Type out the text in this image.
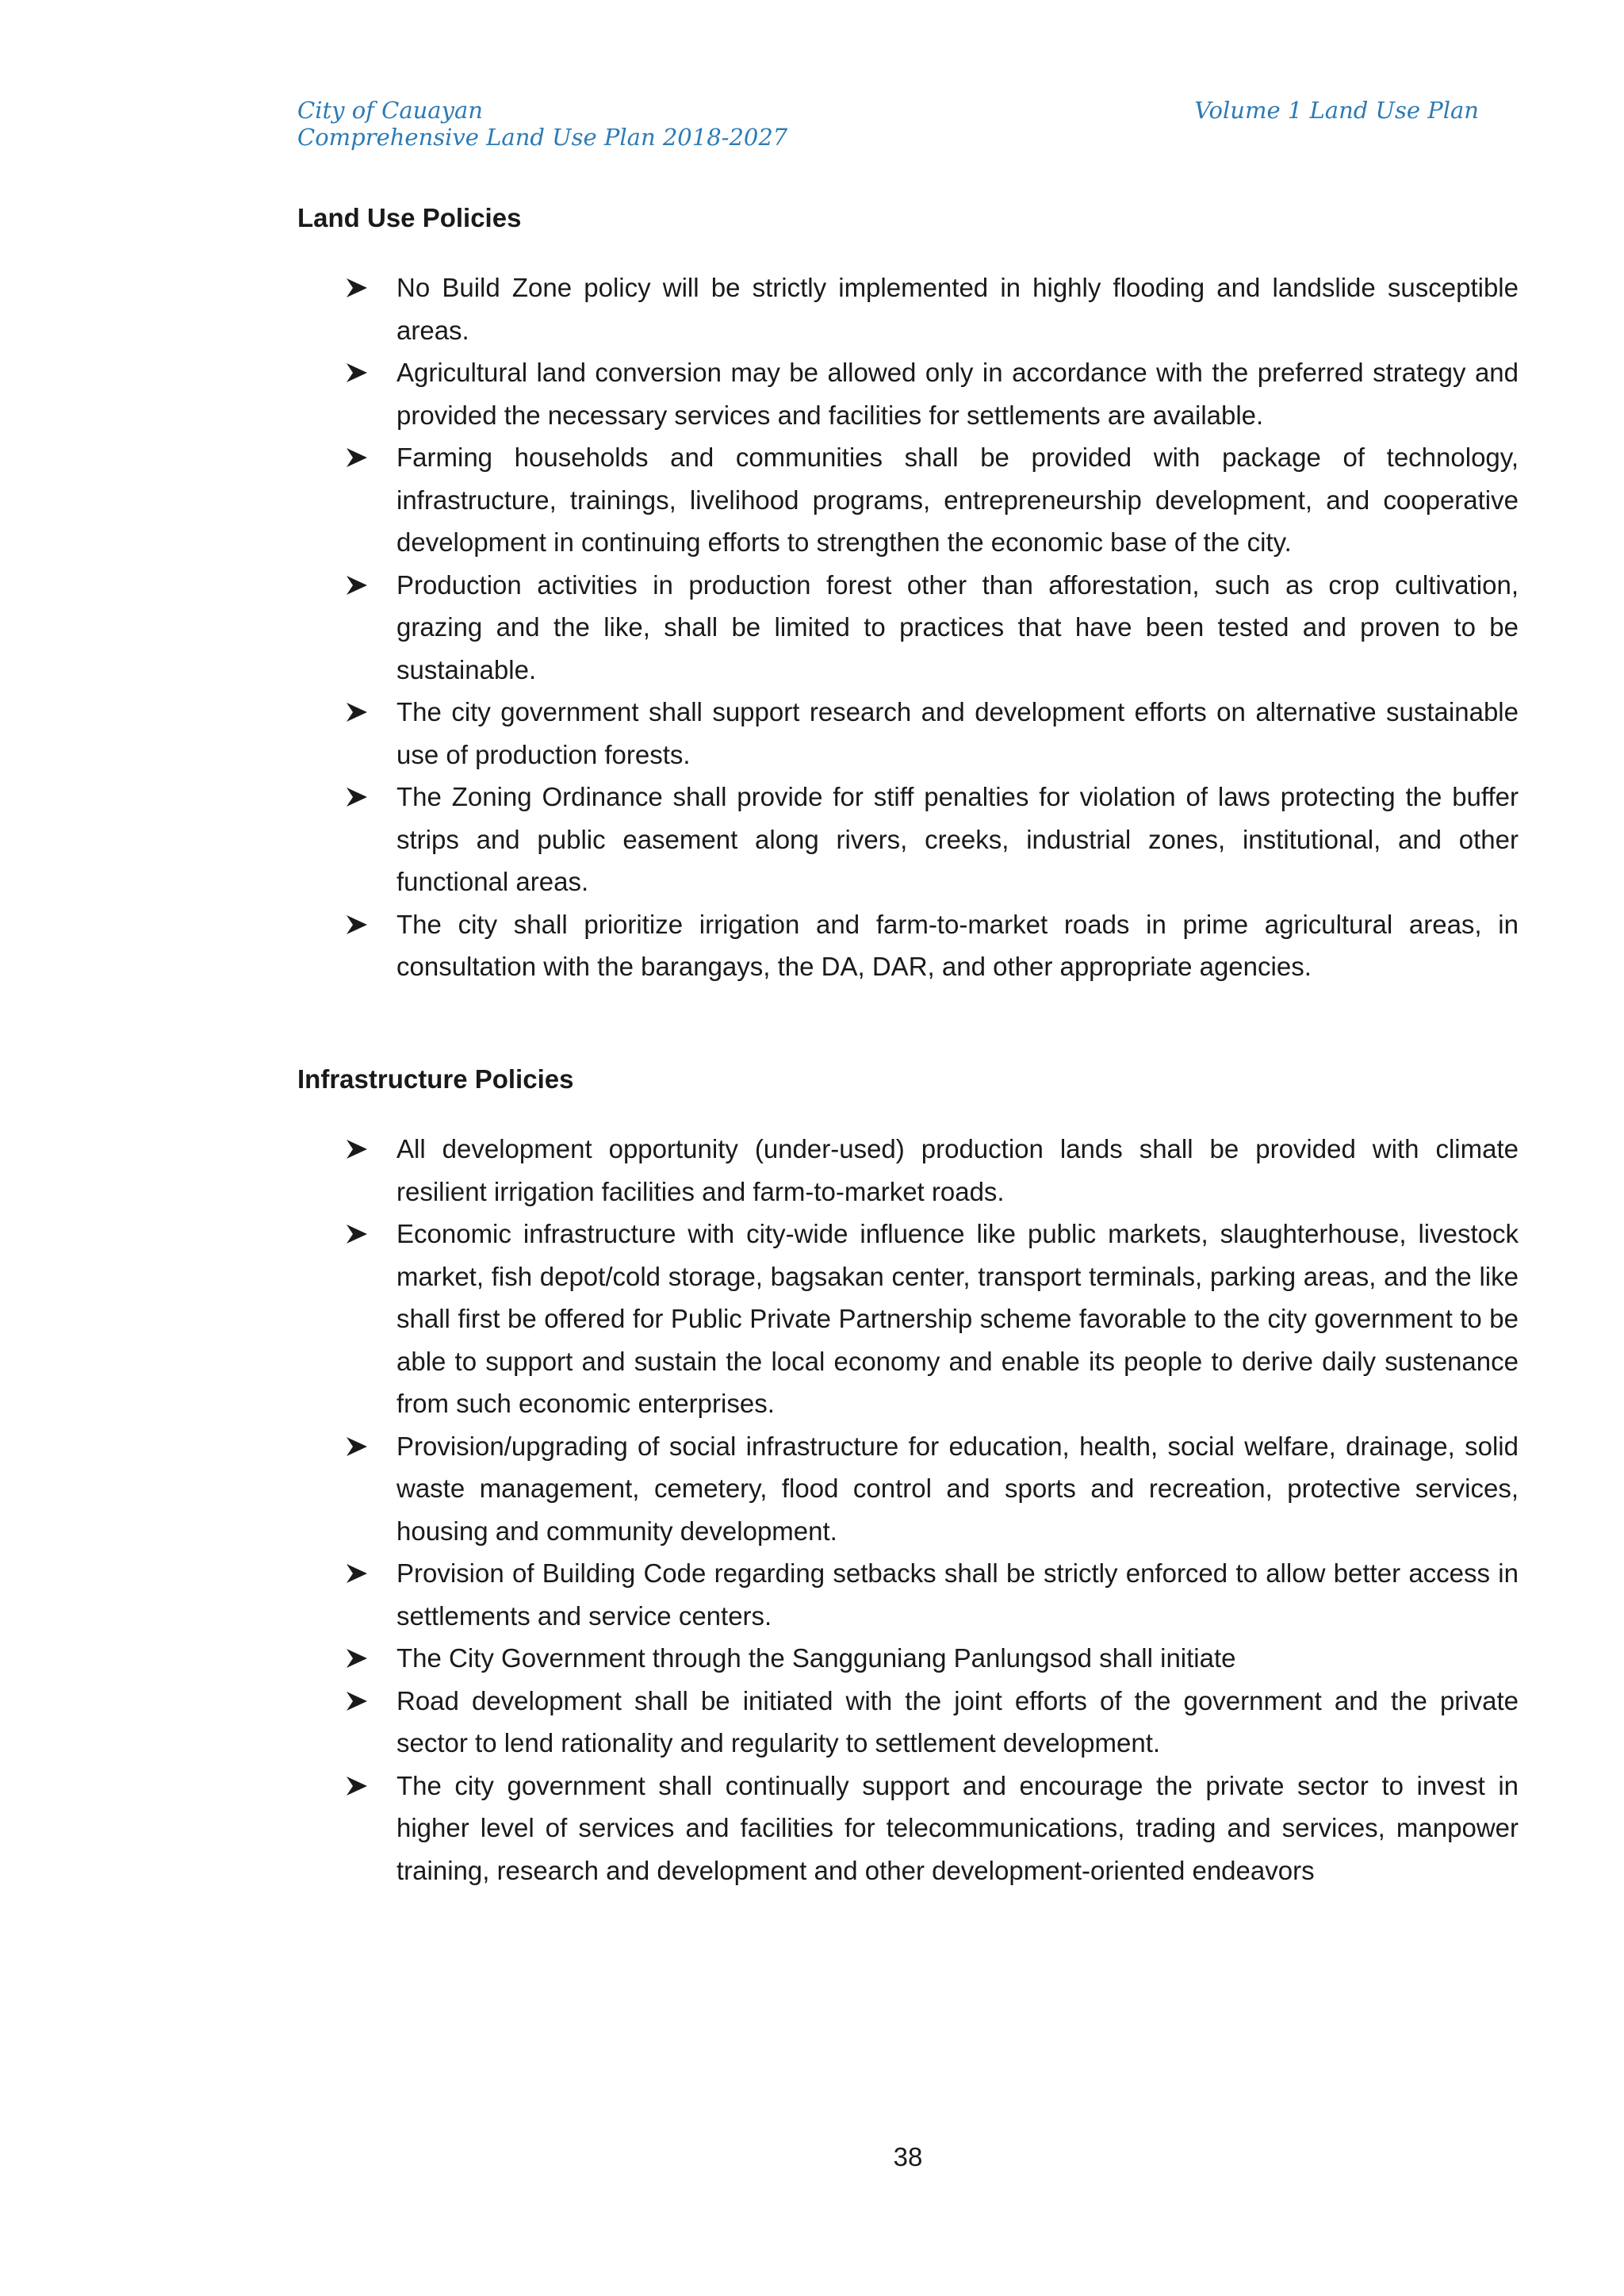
City of Cauayan
Comprehensive Land Use Plan 2018-2027
Volume 1 Land Use Plan
Land Use Policies
No Build Zone policy will be strictly implemented in highly flooding and landslide susceptible areas.
Agricultural land conversion may be allowed only in accordance with the preferred strategy and provided the necessary services and facilities for settlements are available.
Farming households and communities shall be provided with package of technology, infrastructure, trainings, livelihood programs, entrepreneurship development, and cooperative development in continuing efforts to strengthen the economic base of the city.
Production activities in production forest other than afforestation, such as crop cultivation, grazing and the like, shall be limited to practices that have been tested and proven to be sustainable.
The city government shall support research and development efforts on alternative sustainable use of production forests.
The Zoning Ordinance shall provide for stiff penalties for violation of laws protecting the buffer strips and public easement along rivers, creeks, industrial zones, institutional, and other functional areas.
The city shall prioritize irrigation and farm-to-market roads in prime agricultural areas, in consultation with the barangays, the DA, DAR, and other appropriate agencies.
Infrastructure Policies
All development opportunity (under-used) production lands shall be provided with climate resilient irrigation facilities and farm-to-market roads.
Economic infrastructure with city-wide influence like public markets, slaughterhouse, livestock market, fish depot/cold storage, bagsakan center, transport terminals, parking areas, and the like shall first be offered for Public Private Partnership scheme favorable to the city government to be able to support and sustain the local economy and enable its people to derive daily sustenance from such economic enterprises.
Provision/upgrading of social infrastructure for education, health, social welfare, drainage, solid waste management, cemetery, flood control and sports and recreation, protective services, housing and community development.
Provision of Building Code regarding setbacks shall be strictly enforced to allow better access in settlements and service centers.
The City Government through the Sangguniang Panlungsod shall initiate
Road development shall be initiated with the joint efforts of the government and the private sector to lend rationality and regularity to settlement development.
The city government shall continually support and encourage the private sector to invest in higher level of services and facilities for telecommunications, trading and services, manpower training, research and development and other development-oriented endeavors
38
